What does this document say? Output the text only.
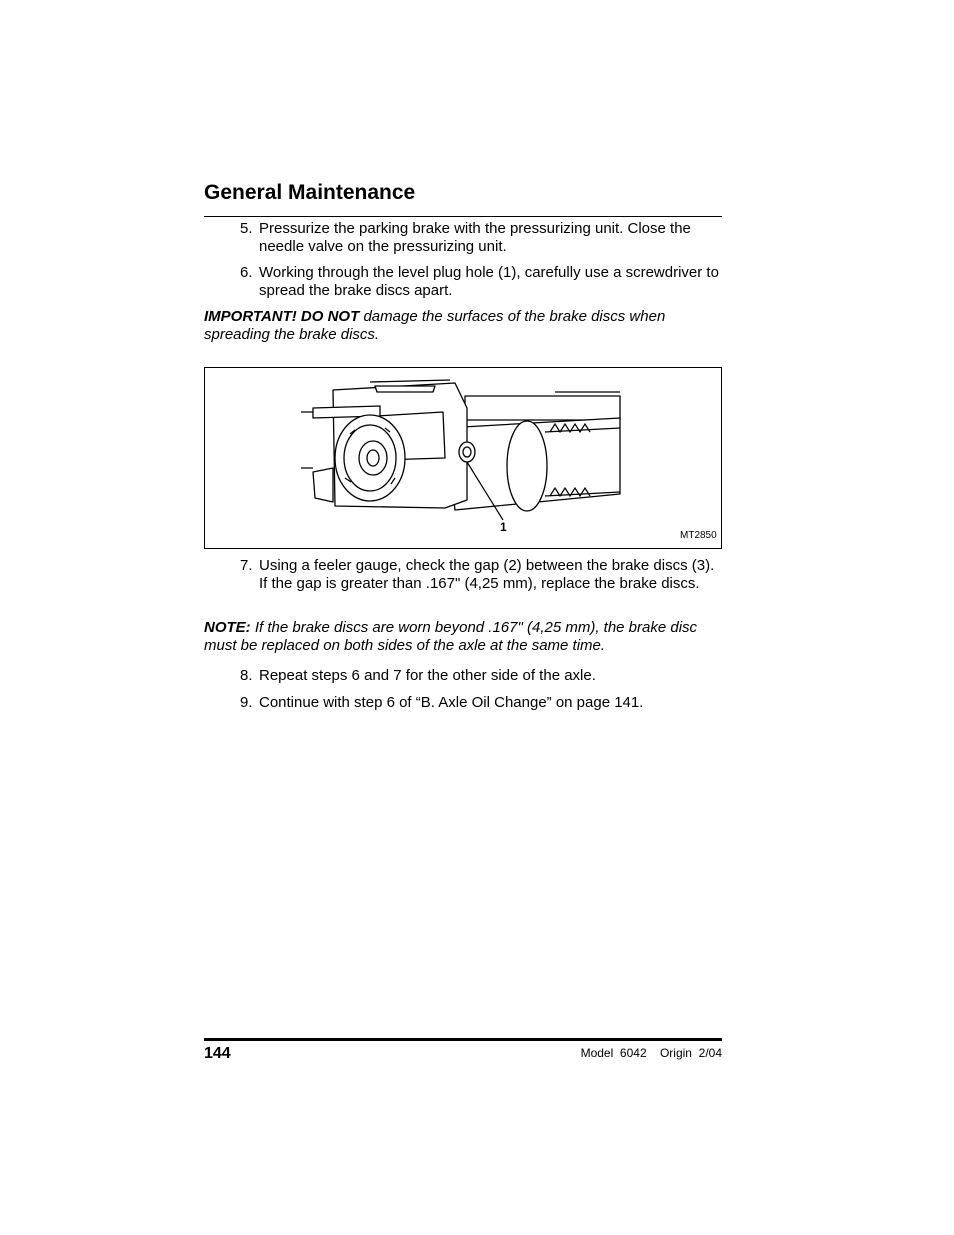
General Maintenance
5. Pressurize the parking brake with the pressurizing unit. Close the needle valve on the pressurizing unit.
6. Working through the level plug hole (1), carefully use a screwdriver to spread the brake discs apart.
IMPORTANT! DO NOT damage the surfaces of the brake discs when spreading the brake discs.
1
MT2850
7. Using a feeler gauge, check the gap (2) between the brake discs (3). If the gap is greater than .167" (4,25 mm), replace the brake discs.
NOTE: If the brake discs are worn beyond .167" (4,25 mm), the brake disc must be replaced on both sides of the axle at the same time.
8. Repeat steps 6 and 7 for the other side of the axle.
9. Continue with step 6 of “B. Axle Oil Change” on page 141.
144	Model  6042    Origin  2/04
